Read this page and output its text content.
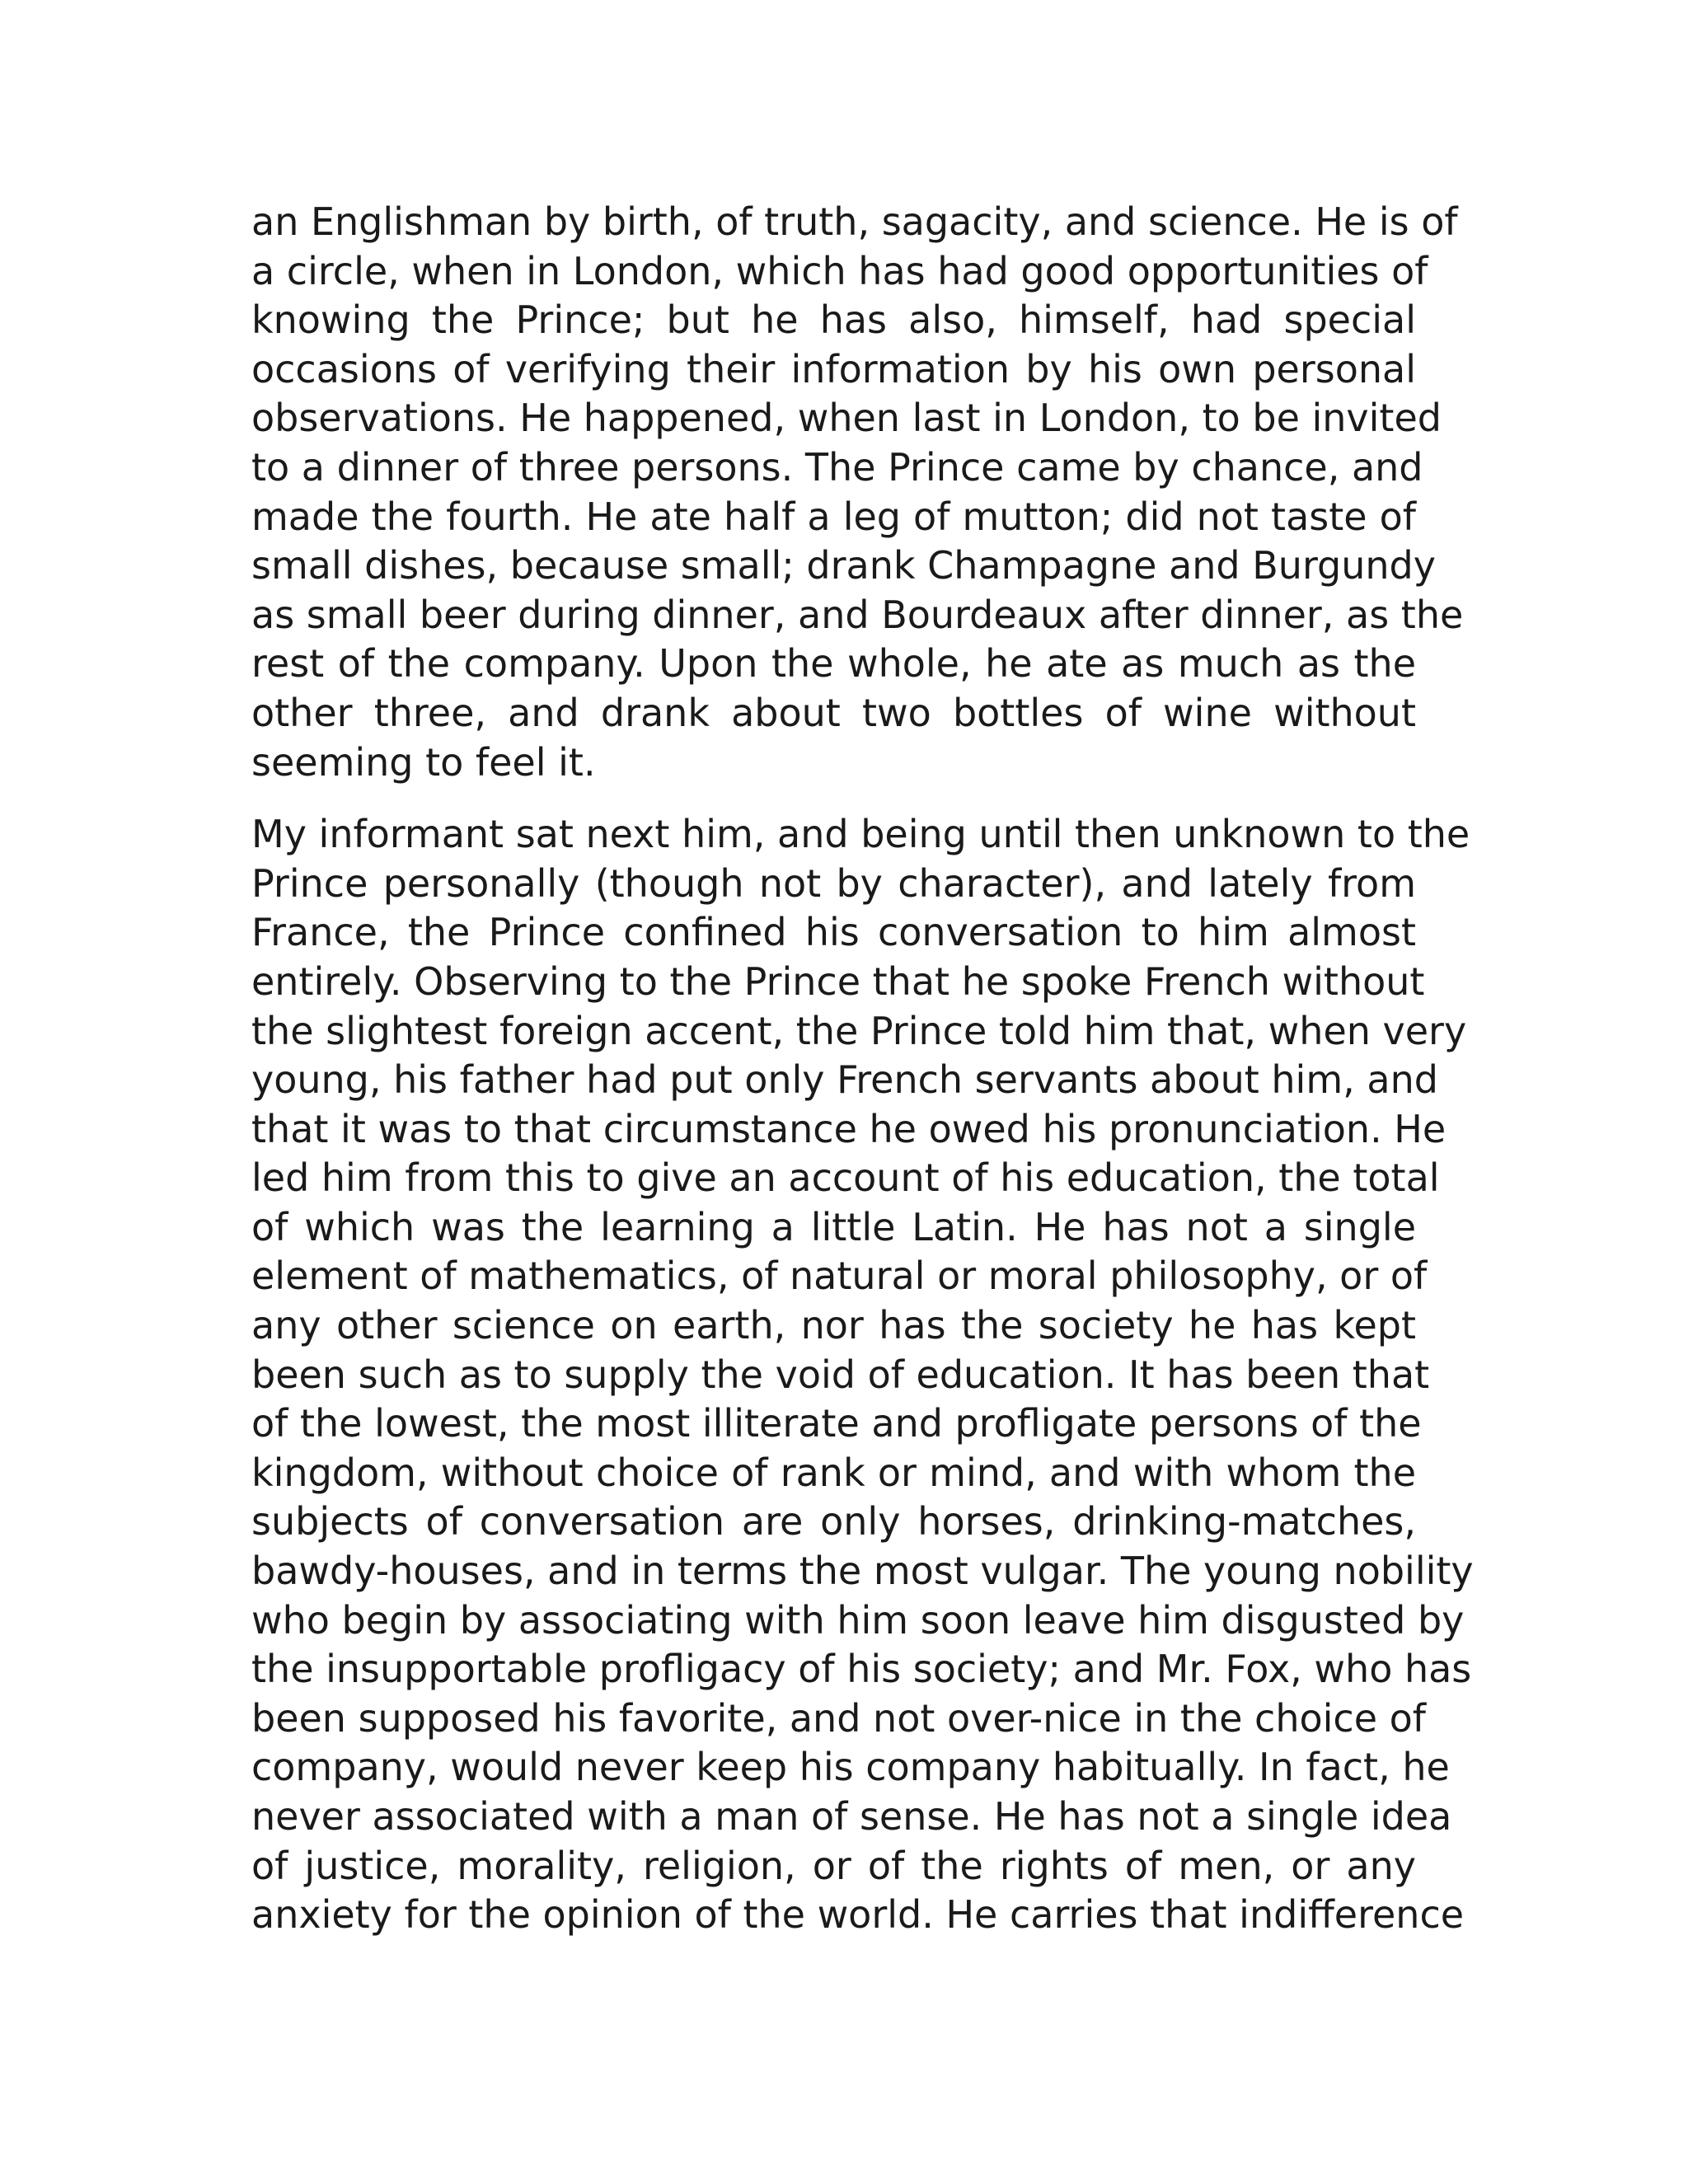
an Englishman by birth, of truth, sagacity, and science. He is of
a circle, when in London, which has had good opportunities of
knowing the Prince; but he has also, himself, had special
occasions of verifying their information by his own personal
observations. He happened, when last in London, to be invited
to a dinner of three persons. The Prince came by chance, and
made the fourth. He ate half a leg of mutton; did not taste of
small dishes, because small; drank Champagne and Burgundy
as small beer during dinner, and Bourdeaux after dinner, as the
rest of the company. Upon the whole, he ate as much as the
other three, and drank about two bottles of wine without
seeming to feel it.

My informant sat next him, and being until then unknown to the
Prince personally (though not by character), and lately from
France, the Prince confined his conversation to him almost
entirely. Observing to the Prince that he spoke French without
the slightest foreign accent, the Prince told him that, when very
young, his father had put only French servants about him, and
that it was to that circumstance he owed his pronunciation. He
led him from this to give an account of his education, the total
of which was the learning a little Latin. He has not a single
element of mathematics, of natural or moral philosophy, or of
any other science on earth, nor has the society he has kept
been such as to supply the void of education. It has been that
of the lowest, the most illiterate and profligate persons of the
kingdom, without choice of rank or mind, and with whom the
subjects of conversation are only horses, drinking-matches,
bawdy-houses, and in terms the most vulgar. The young nobility
who begin by associating with him soon leave him disgusted by
the insupportable profligacy of his society; and Mr. Fox, who has
been supposed his favorite, and not over-nice in the choice of
company, would never keep his company habitually. In fact, he
never associated with a man of sense. He has not a single idea
of justice, morality, religion, or of the rights of men, or any
anxiety for the opinion of the world. He carries that indifference
